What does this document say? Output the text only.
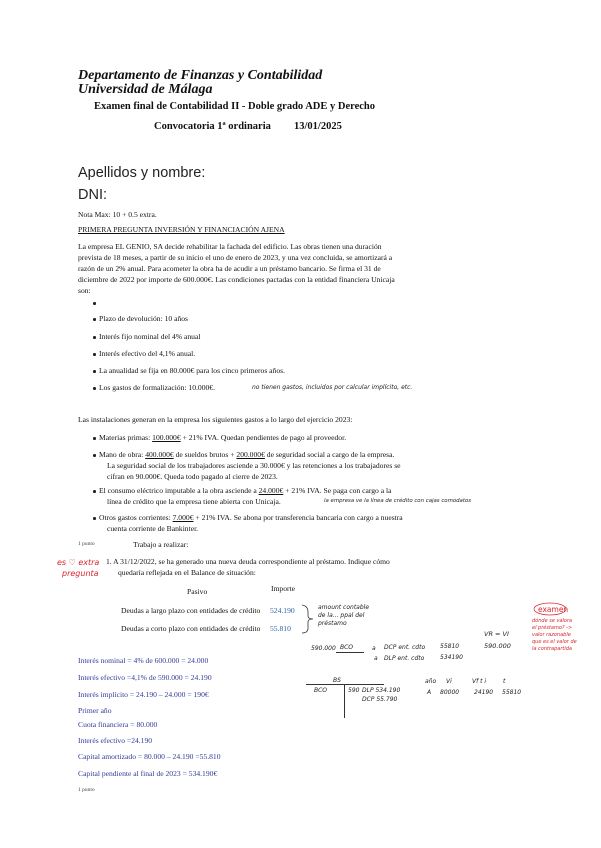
Departamento de Finanzas y Contabilidad
Universidad de Málaga
Examen final de Contabilidad II - Doble grado ADE y Derecho
Convocatoria 1ª ordinaria 13/01/2025
Apellidos y nombre:
DNI:
Nota Max: 10 + 0.5 extra.
PRIMERA PREGUNTA INVERSIÓN Y FINANCIACIÓN AJENA
La empresa EL GENIO, SA decide rehabilitar la fachada del edificio. Las obras tienen una duración
prevista de 18 meses, a partir de su inicio el uno de enero de 2023, y una vez concluida, se amortizará a
razón de un 2% anual. Para acometer la obra ha de acudir a un préstamo bancario. Se firma el 31 de
diciembre de 2022 por importe de 600.000€. Las condiciones pactadas con la entidad financiera Unicaja
son:
Plazo de devolución: 10 años
Interés fijo nominal del 4% anual
Interés efectivo del 4,1% anual.
La anualidad se fija en 80.000€ para los cinco primeros años.
Los gastos de formalización: 10.000€.	no tienen gastos, incluidos por calcular implícito, etc.
Las instalaciones generan en la empresa los siguientes gastos a lo largo del ejercicio 2023:
Materias primas: 100.000€ + 21% IVA. Quedan pendientes de pago al proveedor.
Mano de obra: 400.000€ de sueldos brutos + 200.000€ de seguridad social a cargo de la empresa.
La seguridad social de los trabajadores asciende a 30.000€ y las retenciones a los trabajadores se
cifran en 90.000€. Queda todo pagado al cierre de 2023.
El consumo eléctrico imputable a la obra asciende a 24.000€ + 21% IVA. Se paga con cargo a la
línea de crédito que la empresa tiene abierta con Unicaja.	la empresa ve la línea de crédito con cajas comodatos
Otros gastos corrientes: 7.000€ + 21% IVA. Se abona por transferencia bancaria con cargo a nuestra
cuenta corriente de Bankinter.
1 punto	Trabajo a realizar:
es ♡ extra
pregunta
1. A 31/12/2022, se ha generado una nueva deuda correspondiente al préstamo. Indique cómo
quedaría reflejada en el Balance de situación:
Pasivo	Importe
Deudas a largo plazo con entidades de crédito 524.190
Deudas a corto plazo con entidades de crédito 55.810
amount contable
de la... ppal del
préstamo
examen
dónde se valora
el préstamo? ->
valor razonable
que es el valor de
la contrapartida
590.000 BCO	a DCP ent. cdto
a DLP ent. cdto
55810
534190
VR = VI
590.000
BS
BCO	590 DLP 534.190
DCP 55.790
año
A
Vi
80000
Vf t i
24190
t
55810
Interés nominal = 4% de 600.000 = 24.000
Interés efectivo =4,1% de 590.000 = 24.190
Interés implícito = 24.190 – 24.000 = 190€
Primer año
Cuota financiera = 80.000
Interés efectivo =24.190
Capital amortizado = 80.000 – 24.190 =55.810
Capital pendiente al final de 2023 = 534.190€
1 punto
